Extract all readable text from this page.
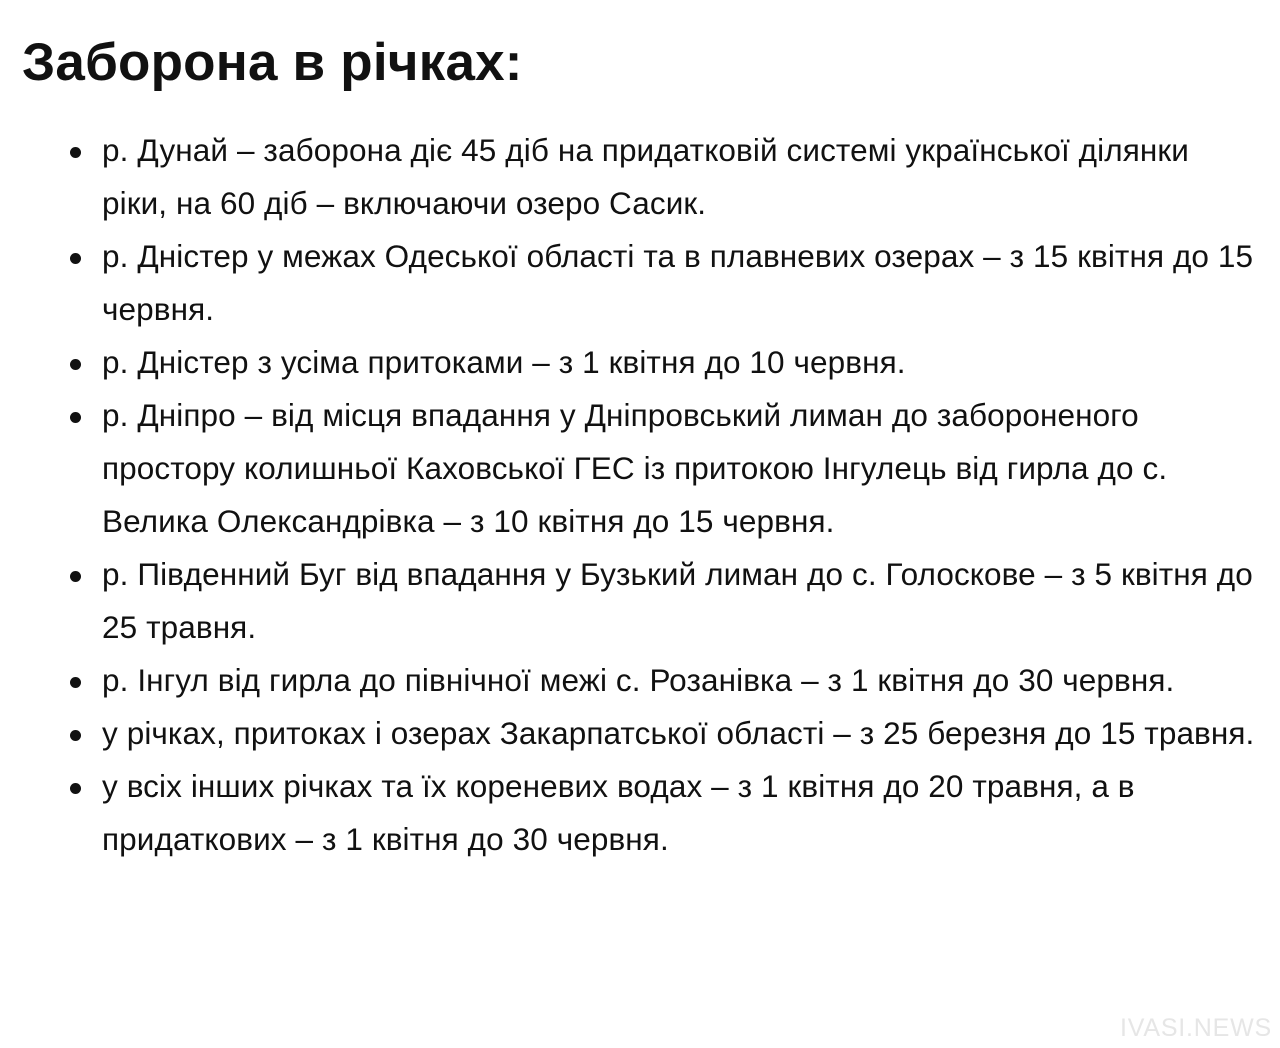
Заборона в річках:
р. Дунай – заборона діє 45 діб на придатковій системі української ділянки ріки, на 60 діб – включаючи озеро Сасик.
р. Дністер у межах Одеської області та в плавневих озерах – з 15 квітня до 15 червня.
р. Дністер з усіма притоками – з 1 квітня до 10 червня.
р. Дніпро – від місця впадання у Дніпровський лиман до забороненого простору колишньої Каховської ГЕС із притокою Інгулець від гирла до с. Велика Олександрівка – з 10 квітня до 15 червня.
р. Південний Буг від впадання у Бузький лиман до с. Голоскове – з 5 квітня до 25 травня.
р. Інгул від гирла до північної межі с. Розанівка – з 1 квітня до 30 червня.
у річках, притоках і озерах Закарпатської області – з 25 березня до 15 травня.
у всіх інших річках та їх кореневих водах – з 1 квітня до 20 травня, а в придаткових – з 1 квітня до 30 червня.
IVASI.NEWS
